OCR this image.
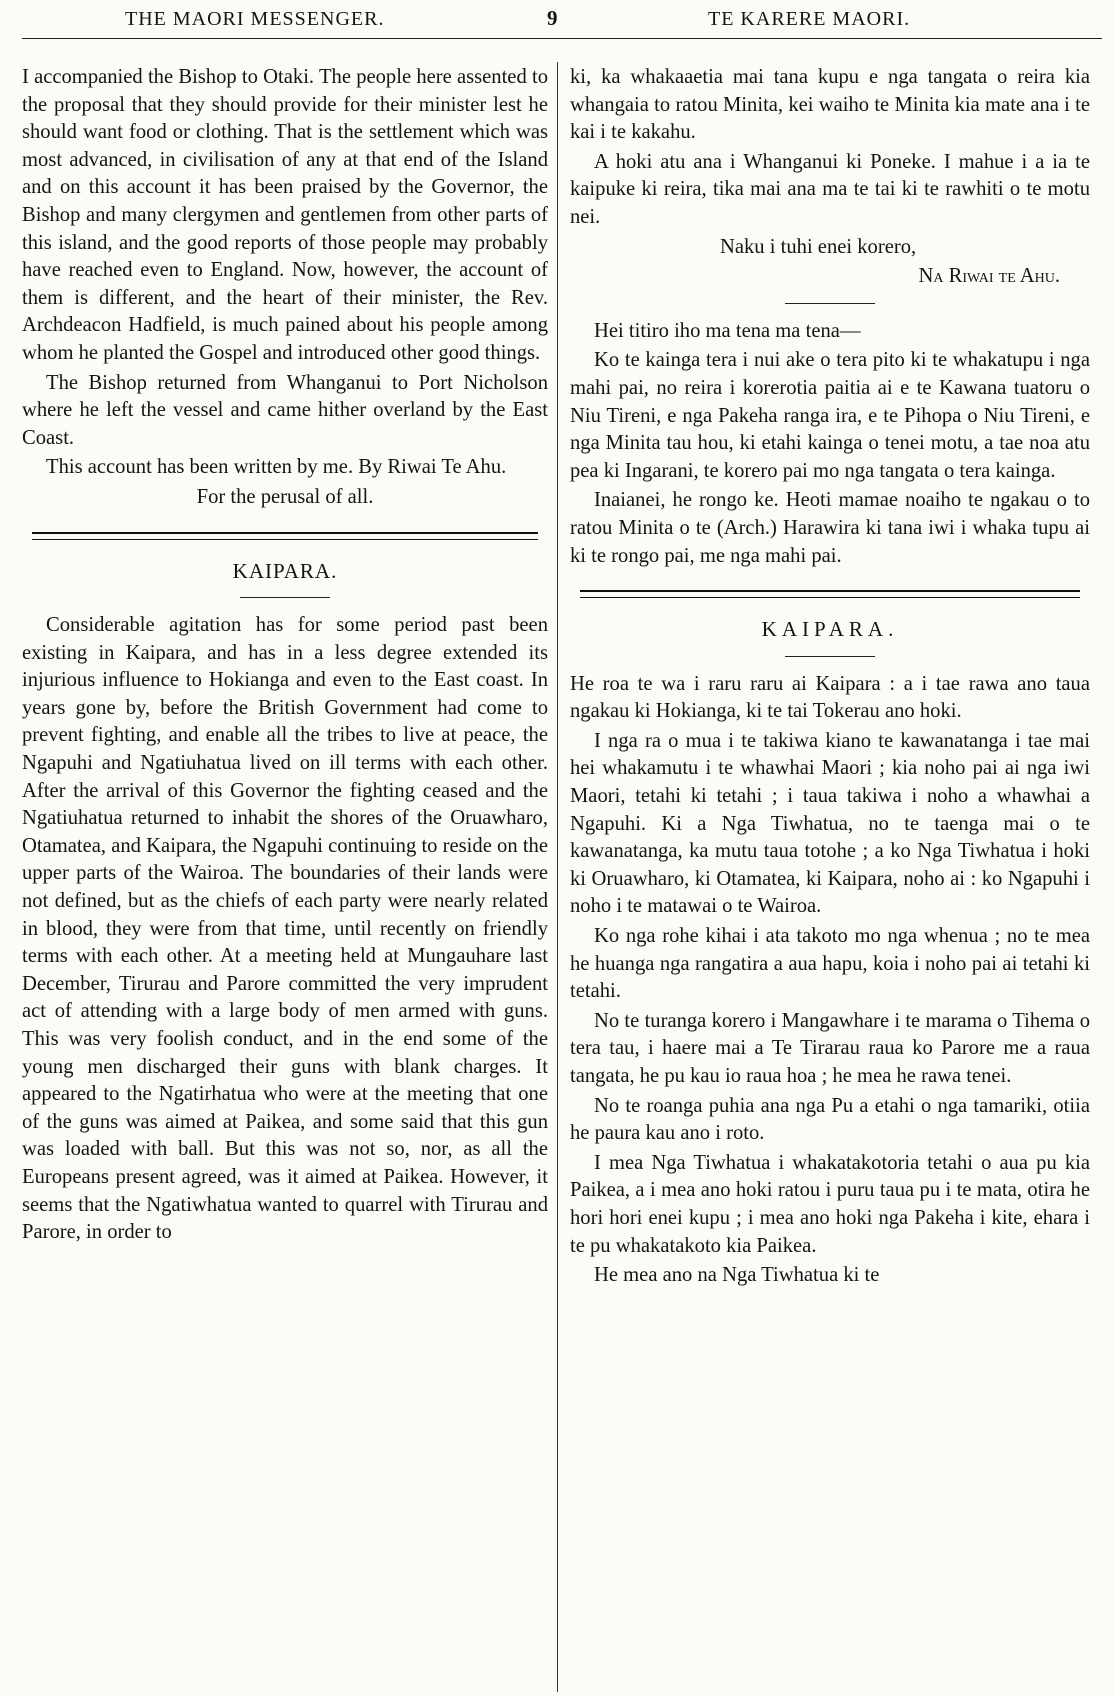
THE MAORI MESSENGER.	9	TE KARERE MAORI.

I accompanied the Bishop to Otaki. The people here assented to the proposal that they should provide for their minister lest he should want food or clothing. That is the settlement which was most advanced, in civilisation of any at that end of the Island and on this account it has been praised by the Governor, the Bishop and many clergymen and gentlemen from other parts of this island, and the good reports of those people may probably have reached even to England. Now, however, the account of them is different, and the heart of their minister, the Rev. Archdeacon Hadfield, is much pained about his people among whom he planted the Gospel and introduced other good things.

The Bishop returned from Whanganui to Port Nicholson where he left the vessel and came hither overland by the East Coast.

This account has been written by me. By Riwai Te Ahu.

For the perusal of all.

KAIPARA.

Considerable agitation has for some period past been existing in Kaipara, and has in a less degree extended its injurious influence to Hokianga and even to the East coast. In years gone by, before the British Government had come to prevent fighting, and enable all the tribes to live at peace, the Ngapuhi and Ngatiuhatua lived on ill terms with each other. After the arrival of this Governor the fighting ceased and the Ngatiuhatua returned to inhabit the shores of the Oruawharo, Otamatea, and Kaipara, the Ngapuhi continuing to reside on the upper parts of the Wairoa. The boundaries of their lands were not defined, but as the chiefs of each party were nearly related in blood, they were from that time, until recently on friendly terms with each other. At a meeting held at Mungauhare last December, Tirurau and Parore committed the very imprudent act of attending with a large body of men armed with guns. This was very foolish conduct, and in the end some of the young men discharged their guns with blank charges. It appeared to the Ngatirhatua who were at the meeting that one of the guns was aimed at Paikea, and some said that this gun was loaded with ball. But this was not so, nor, as all the Europeans present agreed, was it aimed at Paikea. However, it seems that the Ngatiwhatua wanted to quarrel with Tirurau and Parore, in order to

ki, ka whakaaetia mai tana kupu e nga tangata o reira kia whangaia to ratou Minita, kei waiho te Minita kia mate ana i te kai i te kakahu.

A hoki atu ana i Whanganui ki Poneke. I mahue i a ia te kaipuke ki reira, tika mai ana ma te tai ki te rawhiti o te motu nei.

Naku i tuhi enei korero,

Na Riwai te Ahu.

Hei titiro iho ma tena ma tena—

Ko te kainga tera i nui ake o tera pito ki te whakatupu i nga mahi pai, no reira i korerotia paitia ai e te Kawana tuatoru o Niu Tireni, e nga Pakeha ranga ira, e te Pihopa o Niu Tireni, e nga Minita tau hou, ki etahi kainga o tenei motu, a tae noa atu pea ki Ingarani, te korero pai mo nga tangata o tera kainga.

Inaianei, he rongo ke. Heoti mamae noaiho te ngakau o to ratou Minita o te (Arch.) Harawira ki tana iwi i whaka tupu ai ki te rongo pai, me nga mahi pai.

KAIPARA.

He roa te wa i raru raru ai Kaipara : a i tae rawa ano taua ngakau ki Hokianga, ki te tai Tokerau ano hoki.

I nga ra o mua i te takiwa kiano te kawanatanga i tae mai hei whakamutu i te whawhai Maori ; kia noho pai ai nga iwi Maori, tetahi ki tetahi ; i taua takiwa i noho a whawhai a Ngapuhi. Ki a Nga Tiwhatua, no te taenga mai o te kawanatanga, ka mutu taua totohe ; a ko Nga Tiwhatua i hoki ki Oruawharo, ki Otamatea, ki Kaipara, noho ai : ko Ngapuhi i noho i te matawai o te Wairoa.

Ko nga rohe kihai i ata takoto mo nga whenua ; no te mea he huanga nga rangatira a aua hapu, koia i noho pai ai tetahi ki tetahi.

No te turanga korero i Mangawhare i te marama o Tihema o tera tau, i haere mai a Te Tirarau raua ko Parore me a raua tangata, he pu kau io raua hoa ; he mea he rawa tenei.

No te roanga puhia ana nga Pu a etahi o nga tamariki, otiia he paura kau ano i roto.

I mea Nga Tiwhatua i whakatakotoria tetahi o aua pu kia Paikea, a i mea ano hoki ratou i puru taua pu i te mata, otira he hori hori enei kupu ; i mea ano hoki nga Pakeha i kite, ehara i te pu whakatakoto kia Paikea.

He mea ano na Nga Tiwhatua ki te
